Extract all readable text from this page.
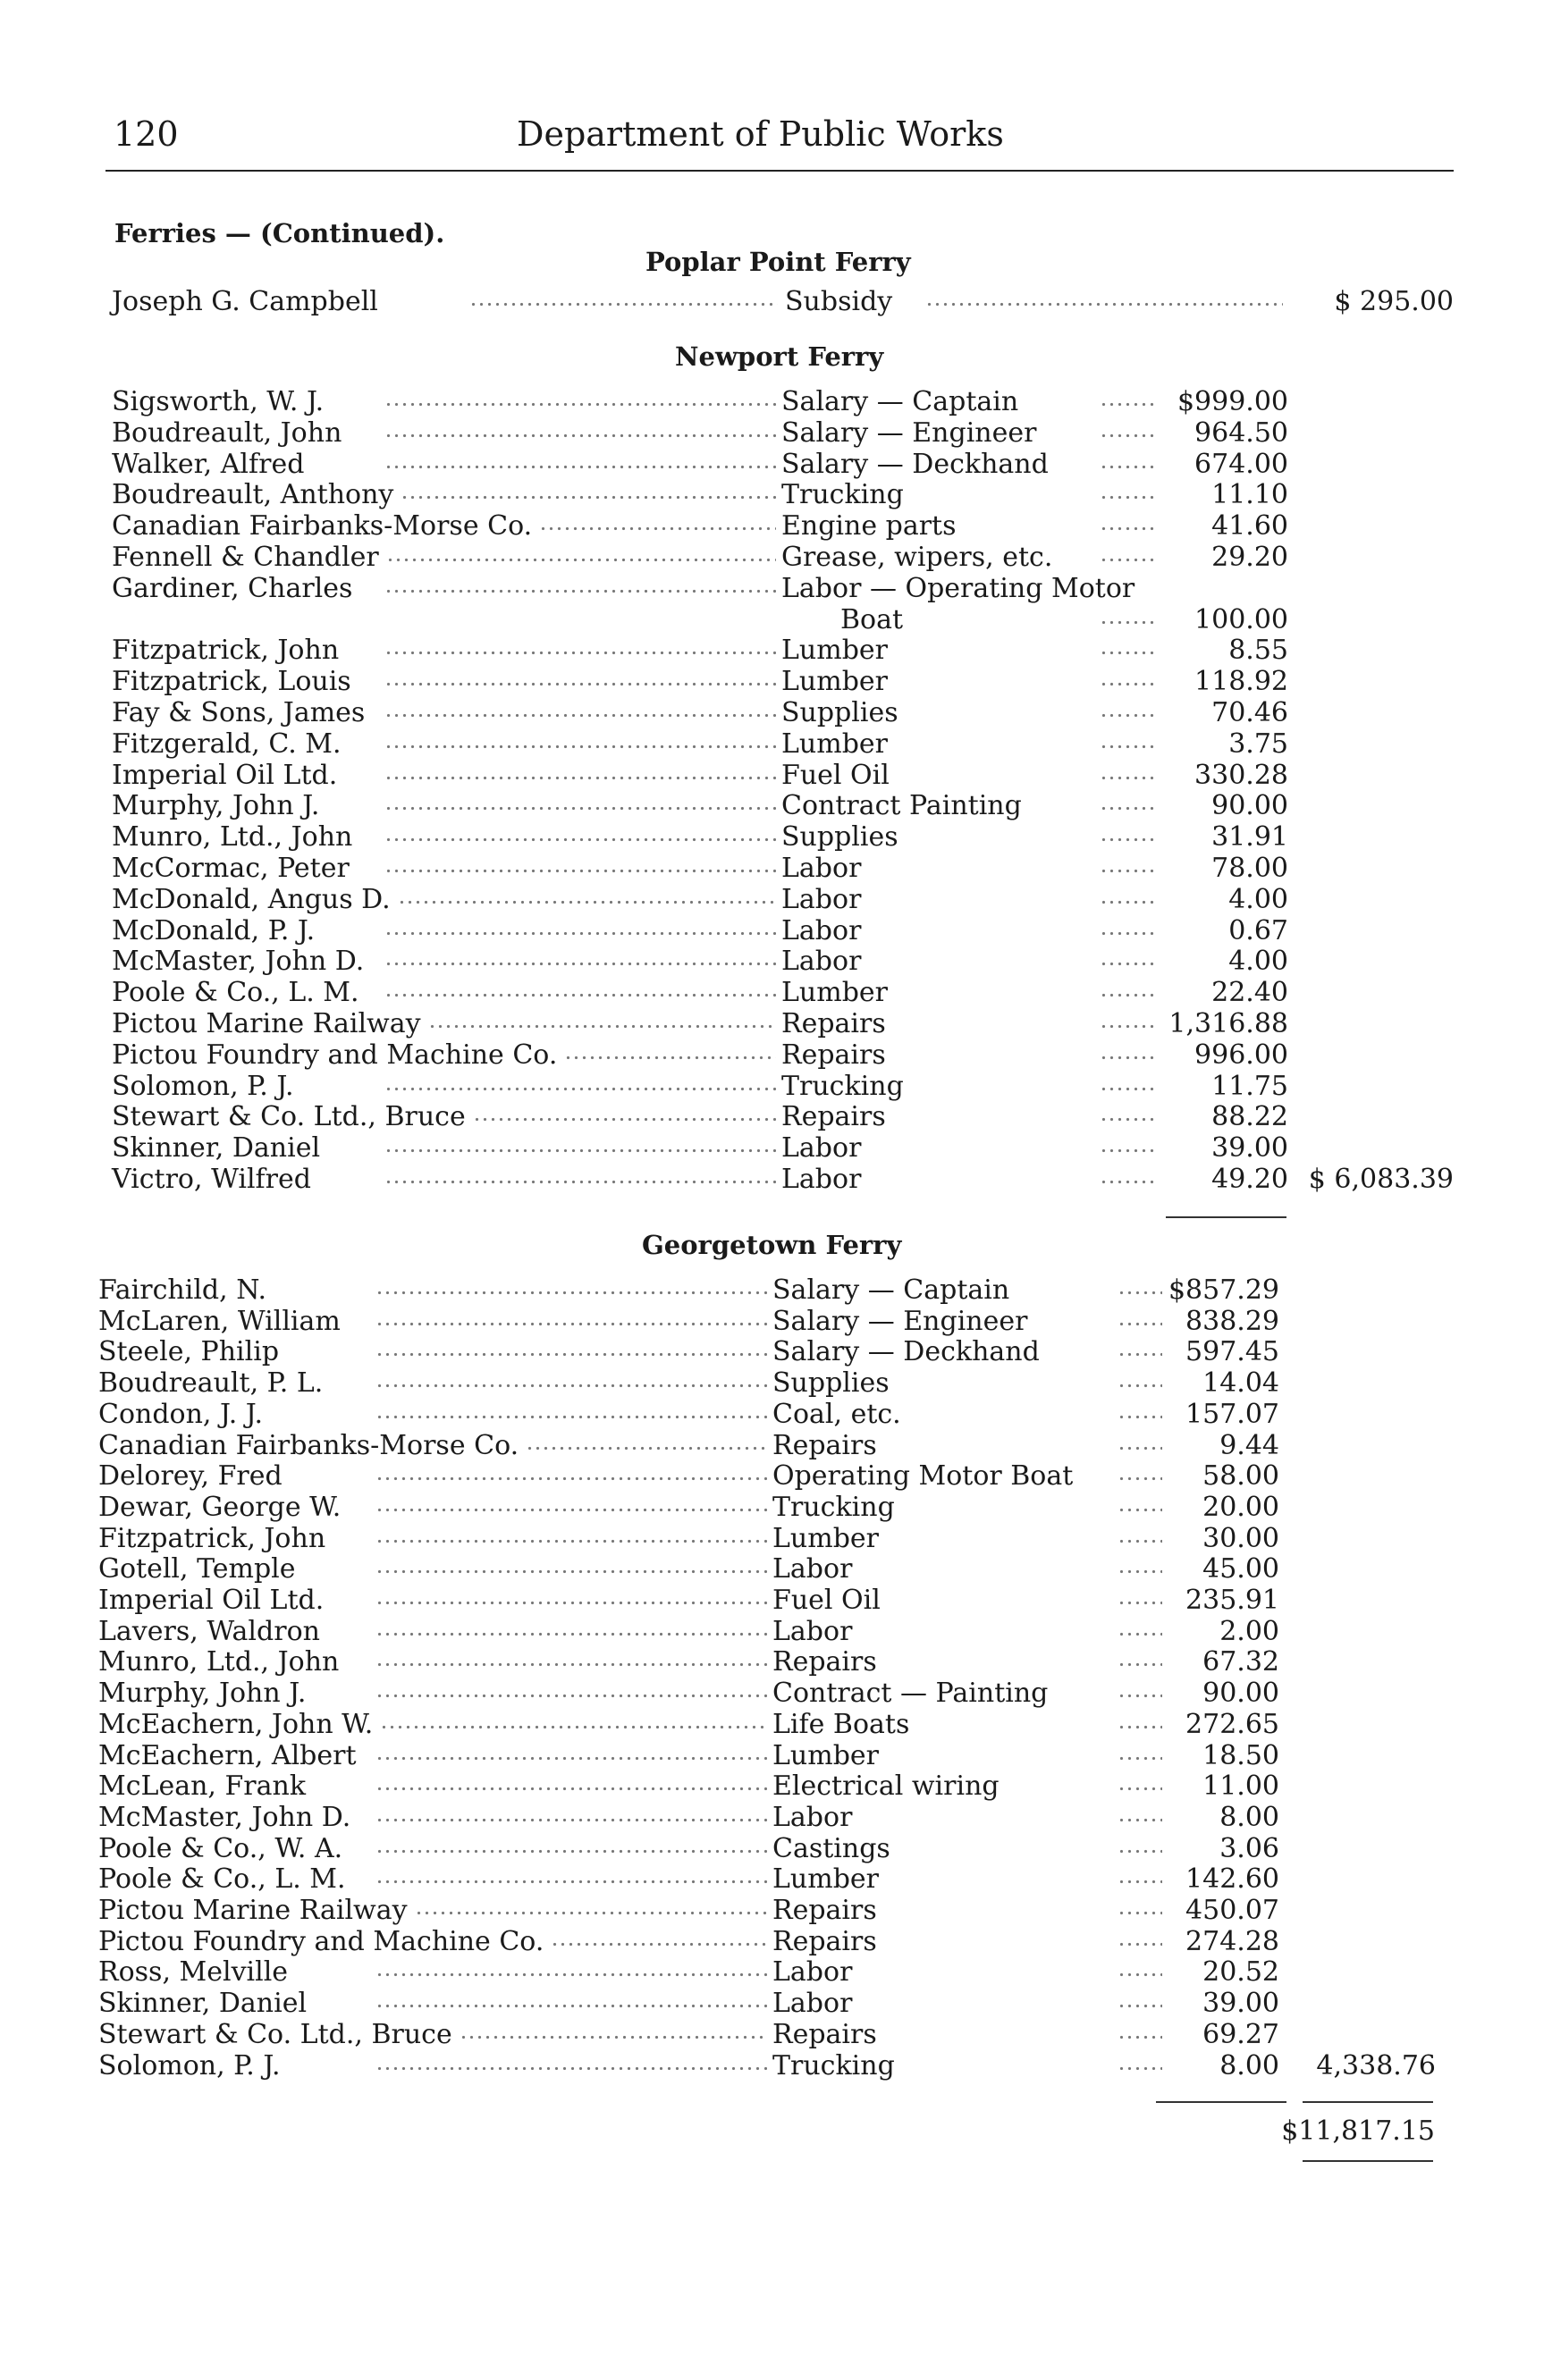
120	Department of Public Works
Ferries — (Continued).
Poplar Point Ferry
Joseph G. Campbell	Subsidy	$ 295.00
Newport Ferry
Sigsworth, W. J.	Salary — Captain	$999.00
Boudreault, John	Salary — Engineer	964.50
Walker, Alfred	Salary — Deckhand	674.00
Boudreault, Anthony	Trucking	11.10
Canadian Fairbanks-Morse Co.	Engine parts	41.60
Fennell & Chandler	Grease, wipers, etc.	29.20
Gardiner, Charles	Labor — Operating Motor
Boat	100.00
Fitzpatrick, John	Lumber	8.55
Fitzpatrick, Louis	Lumber	118.92
Fay & Sons, James	Supplies	70.46
Fitzgerald, C. M.	Lumber	3.75
Imperial Oil Ltd.	Fuel Oil	330.28
Murphy, John J.	Contract Painting	90.00
Munro, Ltd., John	Supplies	31.91
McCormac, Peter	Labor	78.00
McDonald, Angus D.	Labor	4.00
McDonald, P. J.	Labor	0.67
McMaster, John D.	Labor	4.00
Poole & Co., L. M.	Lumber	22.40
Pictou Marine Railway	Repairs	1,316.88
Pictou Foundry and Machine Co.	Repairs	996.00
Solomon, P. J.	Trucking	11.75
Stewart & Co. Ltd., Bruce	Repairs	88.22
Skinner, Daniel	Labor	39.00
Victro, Wilfred	Labor	49.20 $ 6,083.39
Georgetown Ferry
Fairchild, N.	Salary — Captain	$857.29
McLaren, William	Salary — Engineer	838.29
Steele, Philip	Salary — Deckhand	597.45
Boudreault, P. L.	Supplies	14.04
Condon, J. J.	Coal, etc.	157.07
Canadian Fairbanks-Morse Co.	Repairs	9.44
Delorey, Fred	Operating Motor Boat	58.00
Dewar, George W.	Trucking	20.00
Fitzpatrick, John	Lumber	30.00
Gotell, Temple	Labor	45.00
Imperial Oil Ltd.	Fuel Oil	235.91
Lavers, Waldron	Labor	2.00
Munro, Ltd., John	Repairs	67.32
Murphy, John J.	Contract — Painting	90.00
McEachern, John W.	Life Boats	272.65
McEachern, Albert	Lumber	18.50
McLean, Frank	Electrical wiring	11.00
McMaster, John D.	Labor	8.00
Poole & Co., W. A.	Castings	3.06
Poole & Co., L. M.	Lumber	142.60
Pictou Marine Railway	Repairs	450.07
Pictou Foundry and Machine Co.	Repairs	274.28
Ross, Melville	Labor	20.52
Skinner, Daniel	Labor	39.00
Stewart & Co. Ltd., Bruce	Repairs	69.27
Solomon, P. J.	Trucking	8.00 4,338.76
$11,817.15
